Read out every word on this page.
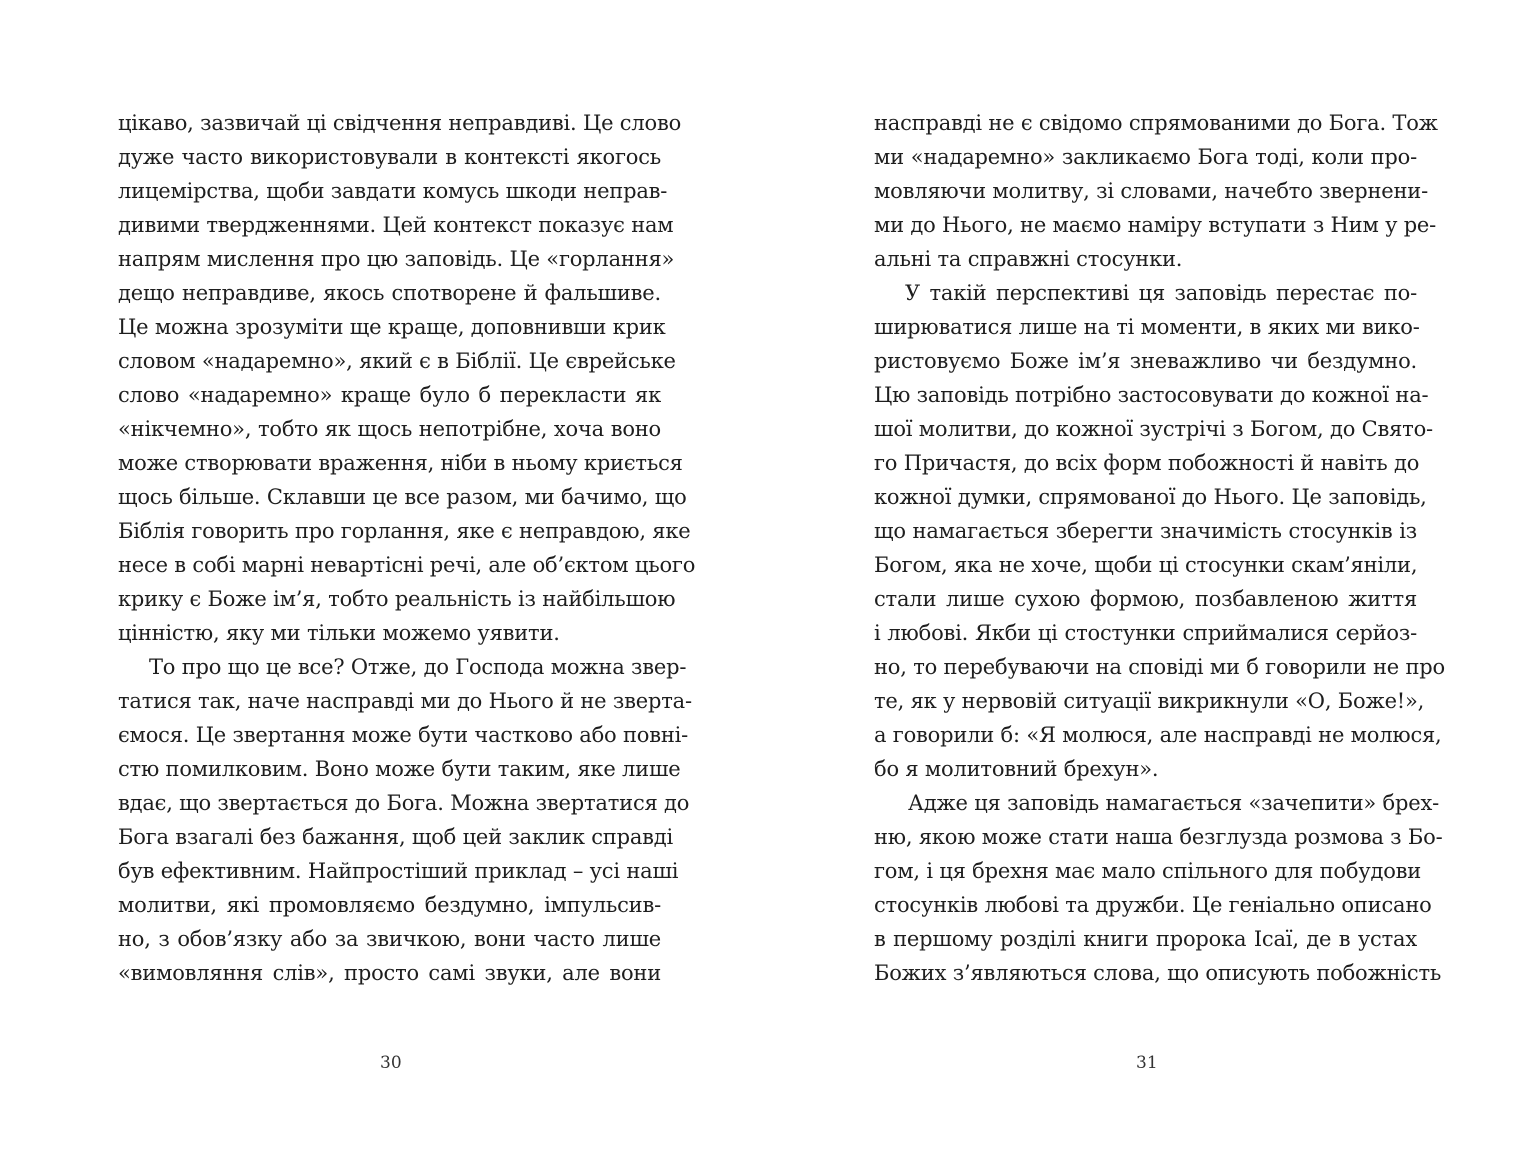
цікаво, зазвичай ці свідчення неправдиві. Це слово
дуже часто використовували в контексті якогось
лицемірства, щоби завдати комусь шкоди неправ-
дивими твердженнями. Цей контекст показує нам
напрям мислення про цю заповідь. Це «горлання»
дещо неправдиве, якось спотворене й фальшиве.
Це можна зрозуміти ще краще, доповнивши крик
словом «надаремно», який є в Біблії. Це єврейське
слово «надаремно» краще було б перекласти як
«нікчемно», тобто як щось непотрібне, хоча воно
може створювати враження, ніби в ньому криється
щось більше. Склавши це все разом, ми бачимо, що
Біблія говорить про горлання, яке є неправдою, яке
несе в собі марні невартісні речі, але об’єктом цього
крику є Боже ім’я, тобто реальність із найбільшою
цінністю, яку ми тільки можемо уявити.
То про що це все? Отже, до Господа можна звер-
татися так, наче насправді ми до Нього й не зверта-
ємося. Це звертання може бути частково або повні-
стю помилковим. Воно може бути таким, яке лише
вдає, що звертається до Бога. Можна звертатися до
Бога взагалі без бажання, щоб цей заклик справді
був ефективним. Найпростіший приклад – усі наші
молитви, які промовляємо бездумно, імпульсив-
но, з обов’язку або за звичкою, вони часто лише
«вимовляння слів», просто самі звуки, але вони
30
насправді не є свідомо спрямованими до Бога. Тож
ми «надаремно» закликаємо Бога тоді, коли про-
мовляючи молитву, зі словами, начебто звернени-
ми до Нього, не маємо наміру вступати з Ним у ре-
альні та справжні стосунки.
У такій перспективі ця заповідь перестає по-
ширюватися лише на ті моменти, в яких ми вико-
ристовуємо Боже ім’я зневажливо чи бездумно.
Цю заповідь потрібно застосовувати до кожної на-
шої молитви, до кожної зустрічі з Богом, до Свято-
го Причастя, до всіх форм побожності й навіть до
кожної думки, спрямованої до Нього. Це заповідь,
що намагається зберегти значимість стосунків із
Богом, яка не хоче, щоби ці стосунки скам’яніли,
стали лише сухою формою, позбавленою життя
і любові. Якби ці стостунки сприймалися серйоз-
но, то перебуваючи на сповіді ми б говорили не про
те, як у нервовій ситуації викрикнули «О, Боже!»,
а говорили б: «Я молюся, але насправді не молюся,
бо я молитовний брехун».
Адже ця заповідь намагається «зачепити» брех-
ню, якою може стати наша безглузда розмова з Бо-
гом, і ця брехня має мало спільного для побудови
стосунків любові та дружби. Це геніально описано
в першому розділі книги пророка Ісаї, де в устах
Божих з’являються слова, що описують побожність
31
